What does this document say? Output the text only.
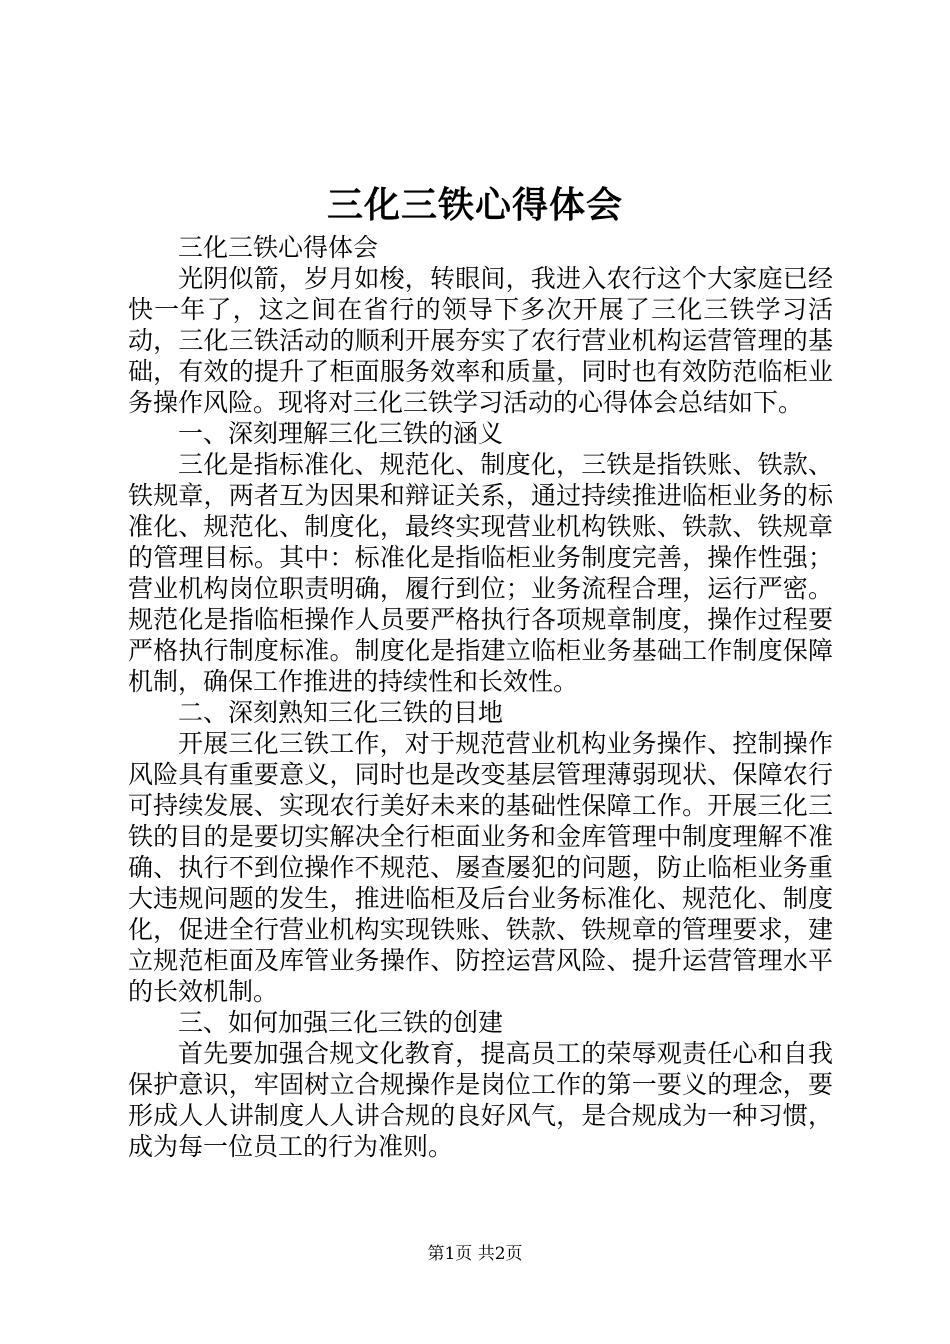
三化三铁心得体会

三化三铁心得体会

光阴似箭，岁月如梭，转眼间，我进入农行这个大家庭已经快一年了，这之间在省行的领导下多次开展了三化三铁学习活动，三化三铁活动的顺利开展夯实了农行营业机构运营管理的基础，有效的提升了柜面服务效率和质量，同时也有效防范临柜业务操作风险。现将对三化三铁学习活动的心得体会总结如下。

一、深刻理解三化三铁的涵义

三化是指标准化、规范化、制度化，三铁是指铁账、铁款、铁规章，两者互为因果和辩证关系，通过持续推进临柜业务的标准化、规范化、制度化，最终实现营业机构铁账、铁款、铁规章的管理目标。其中：标准化是指临柜业务制度完善，操作性强；营业机构岗位职责明确，履行到位；业务流程合理，运行严密。规范化是指临柜操作人员要严格执行各项规章制度，操作过程要严格执行制度标准。制度化是指建立临柜业务基础工作制度保障机制，确保工作推进的持续性和长效性。

二、深刻熟知三化三铁的目地

开展三化三铁工作，对于规范营业机构业务操作、控制操作风险具有重要意义，同时也是改变基层管理薄弱现状、保障农行可持续发展、实现农行美好未来的基础性保障工作。开展三化三铁的目的是要切实解决全行柜面业务和金库管理中制度理解不准确、执行不到位操作不规范、屡查屡犯的问题，防止临柜业务重大违规问题的发生，推进临柜及后台业务标准化、规范化、制度化，促进全行营业机构实现铁账、铁款、铁规章的管理要求，建立规范柜面及库管业务操作、防控运营风险、提升运营管理水平的长效机制。

三、如何加强三化三铁的创建

首先要加强合规文化教育，提高员工的荣辱观责任心和自我保护意识，牢固树立合规操作是岗位工作的第一要义的理念，要形成人人讲制度人人讲合规的良好风气，是合规成为一种习惯，成为每一位员工的行为准则。

第1页 共2页
